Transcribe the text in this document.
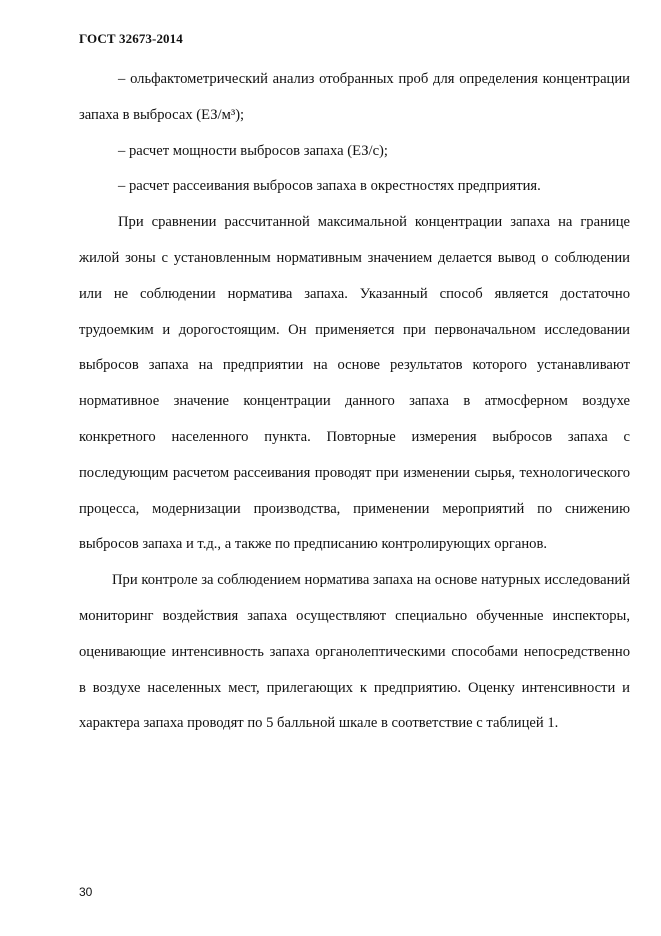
ГОСТ 32673-2014

– ольфактометрический анализ отобранных проб для определения концентрации запаха в выбросах (ЕЗ/м³);

– расчет мощности выбросов запаха (ЕЗ/с);

– расчет рассеивания выбросов запаха в окрестностях предприятия.

При сравнении рассчитанной максимальной концентрации запаха на границе жилой зоны с установленным нормативным значением делается вывод о соблюдении или не соблюдении норматива запаха. Указанный способ является достаточно трудоемким и дорогостоящим. Он применяется при первоначальном исследовании выбросов запаха на предприятии на основе результатов которого устанавливают нормативное значение концентрации данного запаха в атмосферном воздухе конкретного населенного пункта. Повторные измерения выбросов запаха с последующим расчетом рассеивания проводят при изменении сырья, технологического процесса, модернизации производства, применении мероприятий по снижению выбросов запаха и т.д., а также по предписанию контролирующих органов.

При контроле за соблюдением норматива запаха на основе натурных исследований мониторинг воздействия запаха осуществляют специально обученные инспекторы, оценивающие интенсивность запаха органолептическими способами непосредственно в воздухе населенных мест, прилегающих к предприятию. Оценку интенсивности и характера запаха проводят по 5 балльной шкале в соответствие с таблицей 1.

30
